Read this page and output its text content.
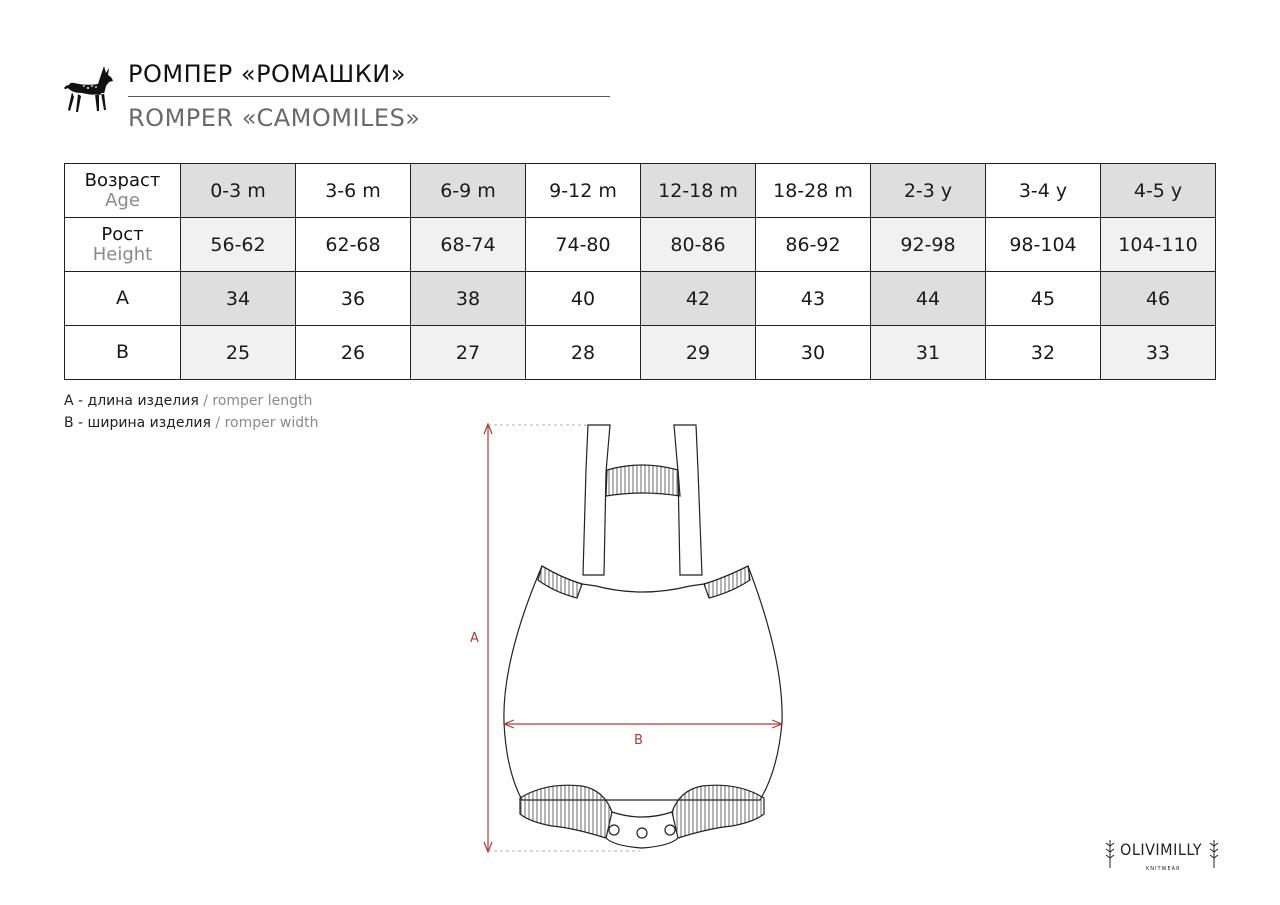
РОМПЕР «РОМАШКИ»
ROMPER «CAMOMILES»
Возраст
Age	0-3 m	3-6 m	6-9 m	9-12 m	12-18 m	18-28 m	2-3 y	3-4 y	4-5 y

Рост
Height	56-62	62-68	68-74	74-80	80-86	86-92	92-98	98-104	104-110
A	34	36	38	40	42	43	44	45	46
B	25	26	27	28	29	30	31	32	33
A - длина изделия / romper length
B - ширина изделия / romper width
A
B
OLIVIMILLY
KNITWEAR
